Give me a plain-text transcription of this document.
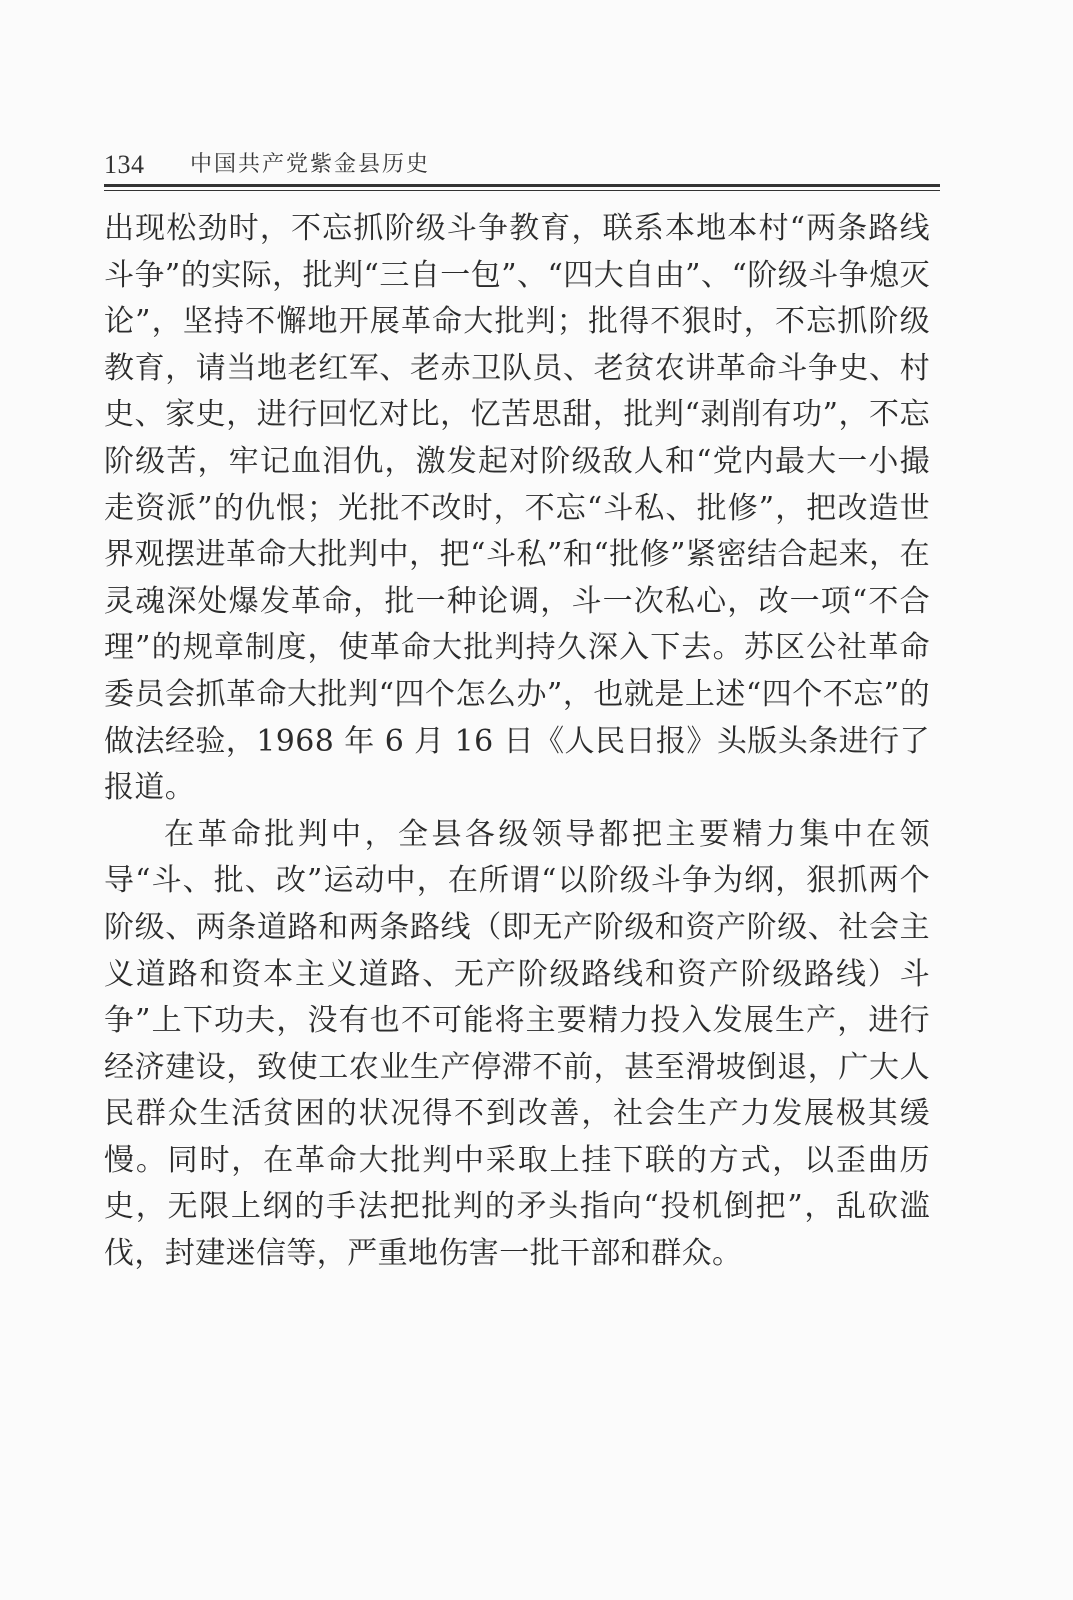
134 中国共产党紫金县历史

出现松劲时，不忘抓阶级斗争教育，联系本地本村“两条路线斗争”的实际，批判“三自一包”、“四大自由”、“阶级斗争熄灭论”，坚持不懈地开展革命大批判；批得不狠时，不忘抓阶级教育，请当地老红军、老赤卫队员、老贫农讲革命斗争史、村史、家史，进行回忆对比，忆苦思甜，批判“剥削有功”，不忘阶级苦，牢记血泪仇，激发起对阶级敌人和“党内最大一小撮走资派”的仇恨；光批不改时，不忘“斗私、批修”，把改造世界观摆进革命大批判中，把“斗私”和“批修”紧密结合起来，在灵魂深处爆发革命，批一种论调，斗一次私心，改一项“不合理”的规章制度，使革命大批判持久深入下去。苏区公社革命委员会抓革命大批判“四个怎么办”，也就是上述“四个不忘”的做法经验，1968 年 6 月 16 日《人民日报》头版头条进行了报道。

在革命批判中，全县各级领导都把主要精力集中在领导“斗、批、改”运动中，在所谓“以阶级斗争为纲，狠抓两个阶级、两条道路和两条路线（即无产阶级和资产阶级、社会主义道路和资本主义道路、无产阶级路线和资产阶级路线）斗争”上下功夫，没有也不可能将主要精力投入发展生产，进行经济建设，致使工农业生产停滞不前，甚至滑坡倒退，广大人民群众生活贫困的状况得不到改善，社会生产力发展极其缓慢。同时，在革命大批判中采取上挂下联的方式，以歪曲历史，无限上纲的手法把批判的矛头指向“投机倒把”，乱砍滥伐，封建迷信等，严重地伤害一批干部和群众。
